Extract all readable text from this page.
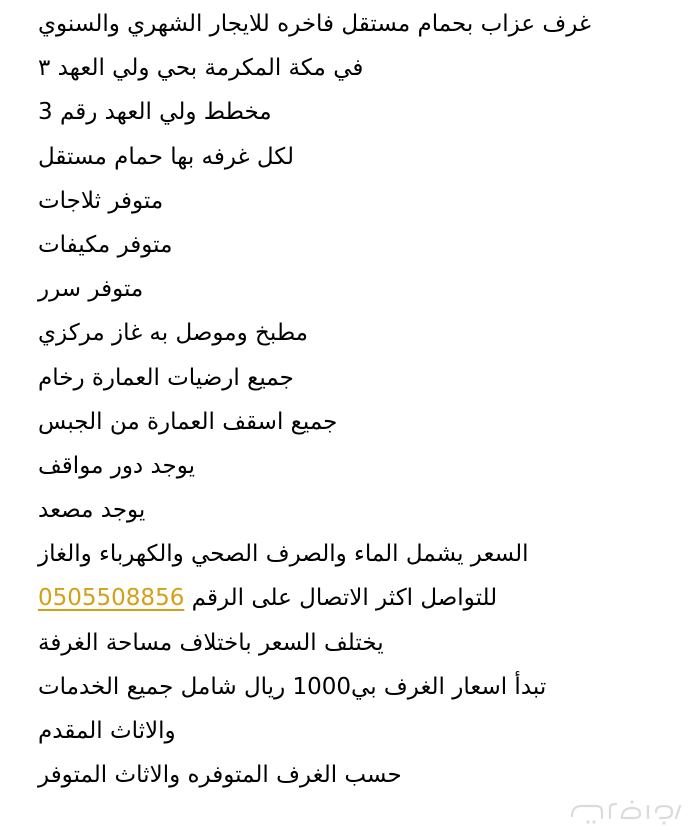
غرف عزاب بحمام مستقل فاخره للايجار الشهري والسنوي
في مكة المكرمة بحي ولي العهد ٣
مخطط ولي العهد رقم 3
لكل غرفه بها حمام مستقل
متوفر ثلاجات
متوفر مكيفات
متوفر سرر
مطبخ وموصل به غاز مركزي
جميع ارضيات العمارة رخام
جميع اسقف العمارة من الجبس
يوجد دور مواقف
يوجد مصعد
السعر يشمل الماء والصرف الصحي والكهرباء والغاز
للتواصل اكثر الاتصال على الرقم 0505508856
يختلف السعر باختلاف مساحة الغرفة
تبدأ اسعار الغرف بي1000 ريال شامل جميع الخدمات
والاثاث المقدم
حسب الغرف المتوفره والاثاث المتوفر
